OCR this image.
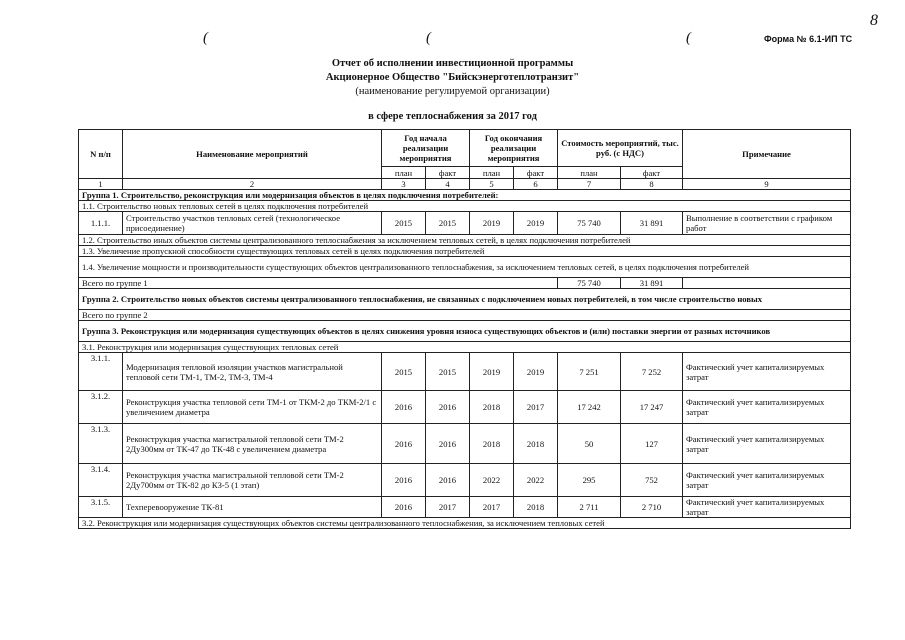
8
(	(	(	Форма № 6.1-ИП ТС
Отчет об исполнении инвестиционной программы
Акционерное Общество "Бийскэнерготеплотранзит"
(наименование регулируемой организации)
в сфере теплоснабжения за 2017 год
N п/п	Наименование мероприятий	Год начала реализации мероприятия		Год окончания реализации мероприятия		Стоимость мероприятий, тыс. руб. (с НДС)		Примечание
		план	факт	план	факт	план	факт	
1	2	3	4	5	6	7	8	9
Группа 1. Строительство, реконструкция или модернизация объектов в целях подключения потребителей:								
1.1. Строительство новых тепловых сетей в целях подключения потребителей								
1.1.1.	Строительство участков тепловых сетей (технологическое присоединение)	2015	2015	2019	2019	75 740	31 891	Выполнение в соответствии с графиком работ
1.2. Строительство иных объектов системы централизованного теплоснабжения за исключением тепловых сетей, в целях подключения потребителей								
1.3. Увеличение пропускной способности существующих тепловых сетей в целях подключения потребителей								
1.4. Увеличение мощности и производительности существующих объектов централизованного теплоснабжения, за исключением тепловых сетей, в целях подключения потребителей								
Всего по группе 1						75 740	31 891	
Группа 2. Строительство новых объектов системы централизованного теплоснабжения, не связанных с подключением новых потребителей, в том числе строительство новых								
Всего по группе 2								
Группа 3. Реконструкция или модернизация существующих объектов в целях снижения уровня износа существующих объектов и (или) поставки энергии от разных источников								
3.1. Реконструкция или модернизация существующих тепловых сетей								
3.1.1.	Модернизация тепловой изоляции участков магистральной тепловой сети ТМ-1, ТМ-2, ТМ-3, ТМ-4	2015	2015	2019	2019	7 251	7 252	Фактический учет капитализируемых затрат
3.1.2.	Реконструкция участка тепловой сети ТМ-1 от ТКМ-2 до ТКМ-2/1 с увеличением диаметра	2016	2016	2018	2017	17 242	17 247	Фактический учет капитализируемых затрат
3.1.3.	Реконструкция участка магистральной тепловой сети ТМ-2 2Ду300мм от ТК-47 до ТК-48 с увеличением диаметра	2016	2016	2018	2018	50	127	Фактический учет капитализируемых затрат
3.1.4.	Реконструкция участка магистральной тепловой сети ТМ-2 2Ду700мм от ТК-82 до КЗ-5 (1 этап)	2016	2016	2022	2022	295	752	Фактический учет капитализируемых затрат
3.1.5.	Техперевооружение ТК-81	2016	2017	2017	2018	2 711	2 710	Фактический учет капитализируемых затрат
3.2. Реконструкция или модернизация существующих объектов системы централизованного теплоснабжения, за исключением тепловых сетей								
